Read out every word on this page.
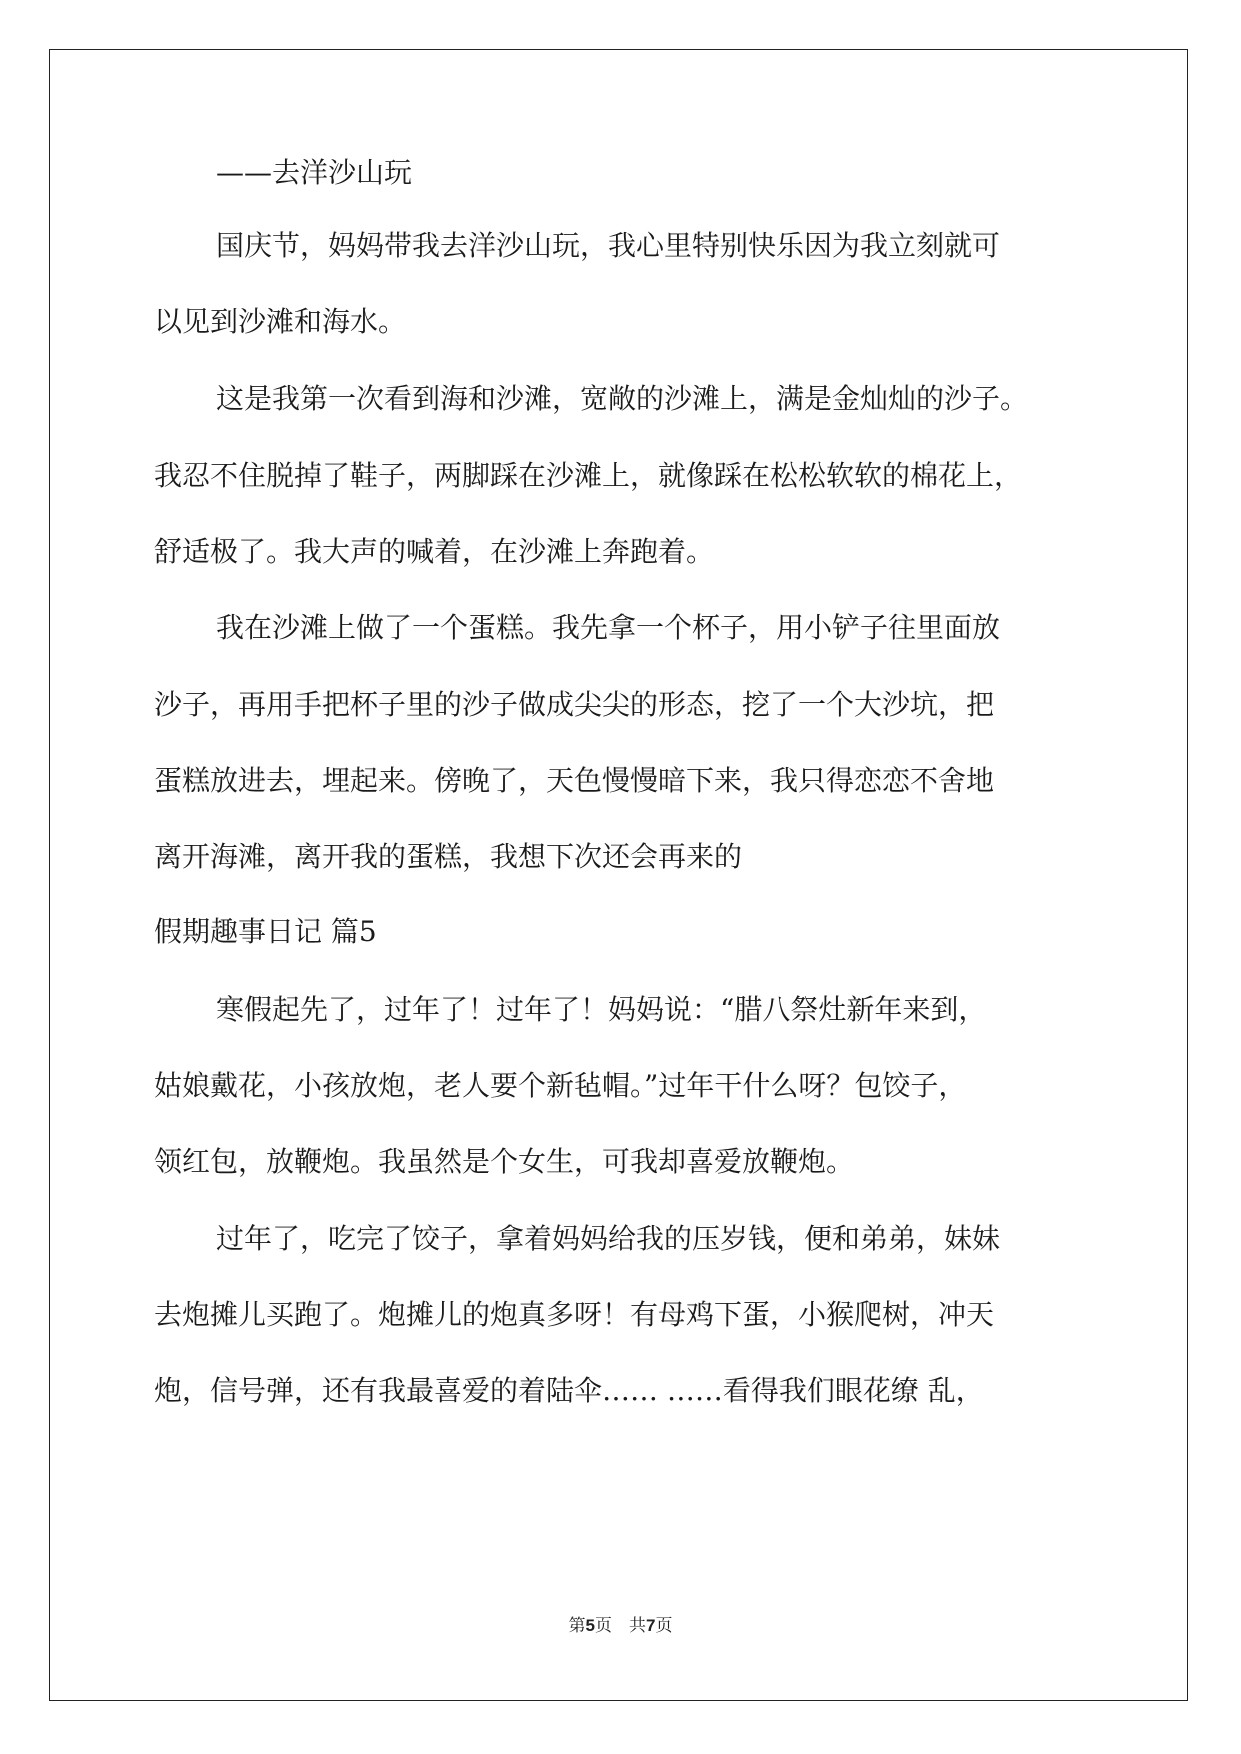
——去洋沙山玩
国庆节，妈妈带我去洋沙山玩，我心里特别快乐因为我立刻就可
以见到沙滩和海水。
这是我第一次看到海和沙滩，宽敞的沙滩上，满是金灿灿的沙子。
我忍不住脱掉了鞋子，两脚踩在沙滩上，就像踩在松松软软的棉花上，
舒适极了。我大声的喊着，在沙滩上奔跑着。
我在沙滩上做了一个蛋糕。我先拿一个杯子，用小铲子往里面放
沙子，再用手把杯子里的沙子做成尖尖的形态，挖了一个大沙坑，把
蛋糕放进去，埋起来。傍晚了，天色慢慢暗下来，我只得恋恋不舍地
离开海滩，离开我的蛋糕，我想下次还会再来的
假期趣事日记 篇5
寒假起先了，过年了！过年了！妈妈说：“腊八祭灶新年来到，
姑娘戴花，小孩放炮，老人要个新毡帽。”过年干什么呀？包饺子，
领红包，放鞭炮。我虽然是个女生，可我却喜爱放鞭炮。
过年了，吃完了饺子，拿着妈妈给我的压岁钱，便和弟弟，妹妹
去炮摊儿买跑了。炮摊儿的炮真多呀！有母鸡下蛋，小猴爬树，冲天
炮，信号弹，还有我最喜爱的着陆伞…… ……看得我们眼花缭 乱，
第5页　共7页
